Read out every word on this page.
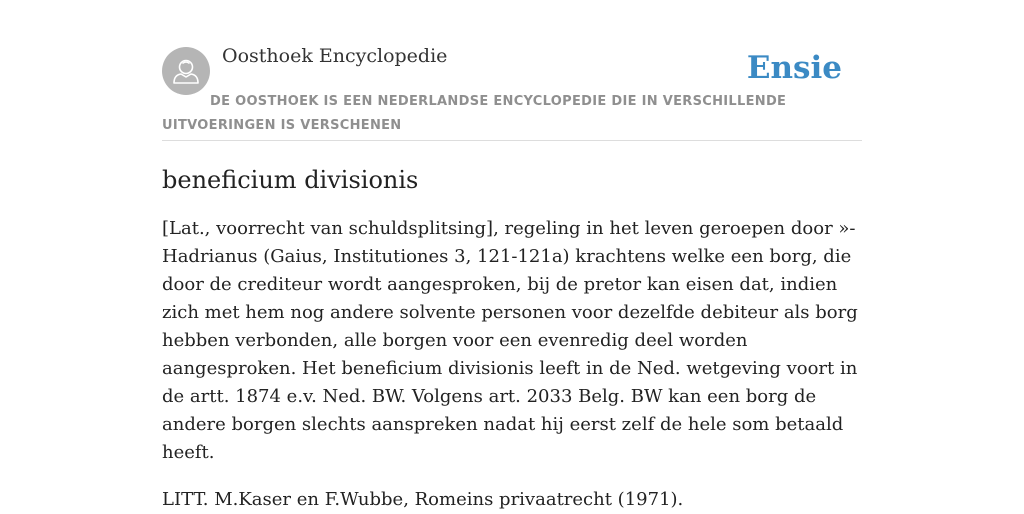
Oosthoek Encyclopedie	Ensie
DE OOSTHOEK IS EEN NEDERLANDSE ENCYCLOPEDIE DIE IN VERSCHILLENDE UITVOERINGEN IS VERSCHENEN
beneficium divisionis

[Lat., voorrecht van schuldsplitsing], regeling in het leven geroepen door »-Hadrianus (Gaius, Institutiones 3, 121-121a) krachtens welke een borg, die door de crediteur wordt aangesproken, bij de pretor kan eisen dat, indien zich met hem nog andere solvente personen voor dezelfde debiteur als borg hebben verbonden, alle borgen voor een evenredig deel worden aangesproken. Het beneficium divisionis leeft in de Ned. wetgeving voort in de artt. 1874 e.v. Ned. BW. Volgens art. 2033 Belg. BW kan een borg de andere borgen slechts aanspreken nadat hij eerst zelf de hele som betaald heeft.

LITT. M.Kaser en F.Wubbe, Romeins privaatrecht (1971).
